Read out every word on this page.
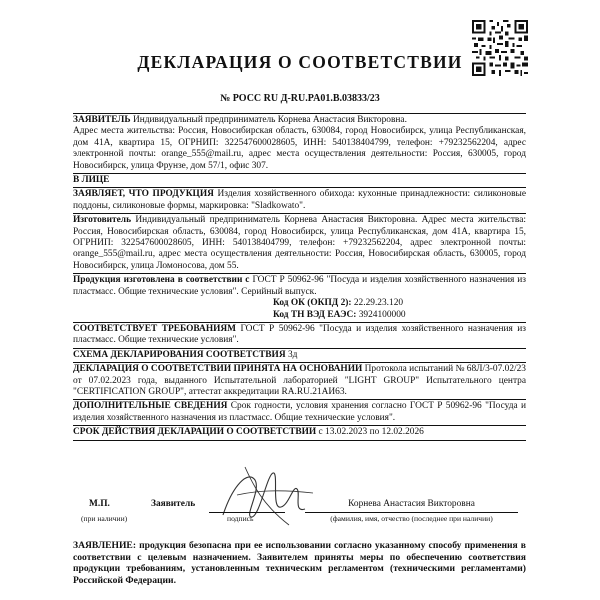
ДЕКЛАРАЦИЯ О СООТВЕТСТВИИ
№ РОСС RU Д-RU.PA01.B.03833/23
ЗАЯВИТЕЛЬ Индивидуальный предприниматель Корнева Анастасия Викторовна.
Адрес места жительства: Россия, Новосибирская область, 630084, город Новосибирск, улица Республиканская, дом 41А, квартира 15, ОГРНИП: 322547600028605, ИНН: 540138404799, телефон: +79232562204, адрес электронной почты: orange_555@mail.ru, адрес места осуществления деятельности: Россия, 630005, город Новосибирск, улица Фрунзе, дом 57/1, офис 307.
В ЛИЦЕ
ЗАЯВЛЯЕТ, ЧТО ПРОДУКЦИЯ Изделия хозяйственного обихода: кухонные принадлежности: силиконовые поддоны, силиконовые формы, маркировка: "Sladkowato".
Изготовитель Индивидуальный предприниматель Корнева Анастасия Викторовна. Адрес места жительства: Россия, Новосибирская область, 630084, город Новосибирск, улица Республиканская, дом 41А, квартира 15, ОГРНИП: 322547600028605, ИНН: 540138404799, телефон: +79232562204, адрес электронной почты: orange_555@mail.ru, адрес места осуществления деятельности: Россия, Новосибирская область, 630005, город Новосибирск, улица Ломоносова, дом 55.
Продукция изготовлена в соответствии с ГОСТ Р 50962-96 "Посуда и изделия хозяйственного назначения из пластмасс. Общие технические условия". Серийный выпуск.
Код ОК (ОКПД 2): 22.29.23.120
Код ТН ВЭД ЕАЭС: 3924100000
СООТВЕТСТВУЕТ ТРЕБОВАНИЯМ ГОСТ Р 50962-96 "Посуда и изделия хозяйственного назначения из пластмасс. Общие технические условия".
СХЕМА ДЕКЛАРИРОВАНИЯ СООТВЕТСТВИЯ 3д
ДЕКЛАРАЦИЯ О СООТВЕТСТВИИ ПРИНЯТА НА ОСНОВАНИИ Протокола испытаний № 68Л/3-07.02/23 от 07.02.2023 года, выданного Испытательной лабораторией "LIGHT GROUP" Испытательного центра "CERTIFICATION GROUP", аттестат аккредитации RA.RU.21АИ63.
ДОПОЛНИТЕЛЬНЫЕ СВЕДЕНИЯ Срок годности, условия хранения согласно ГОСТ Р 50962-96 "Посуда и изделия хозяйственного назначения из пластмасс. Общие технические условия".
СРОК ДЕЙСТВИЯ ДЕКЛАРАЦИИ О СООТВЕТСТВИИ с 13.02.2023 по 12.02.2026
М.П.	Заявитель	Корнева Анастасия Викторовна
(при наличии)	подпись	(фамилия, имя, отчество (последнее при наличии)
ЗАЯВЛЕНИЕ: продукция безопасна при ее использовании согласно указанному способу применения в соответствии с целевым назначением. Заявителем приняты меры по обеспечению соответствия продукции требованиям, установленным техническим регламентом (техническими регламентами) Российской Федерации.
